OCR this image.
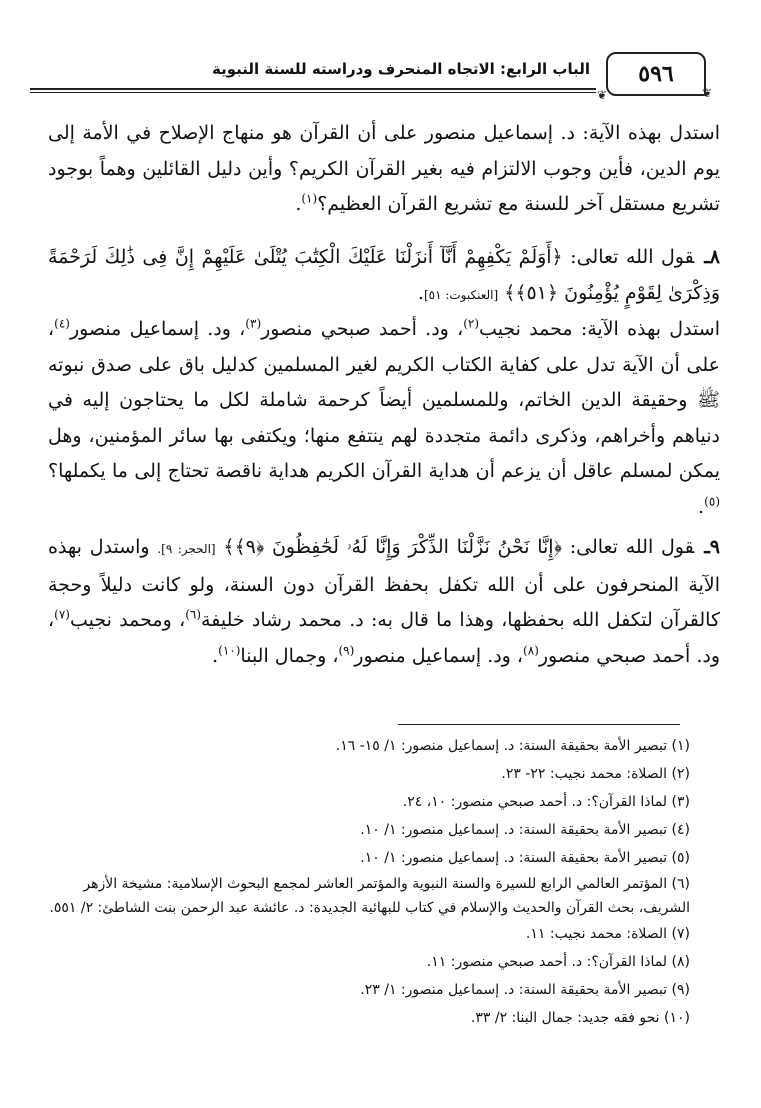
الباب الرابع: الاتجاه المنحرف ودراسته للسنة النبوية
❦
٥٩٦
❦

استدل بهذه الآية: د. إسماعيل منصور على أن القرآن هو منهاج الإصلاح في الأمة إلى يوم الدين، فأين وجوب الالتزام فيه بغير القرآن الكريم؟ وأين دليل القائلين وهماً بوجود تشريع مستقل آخر للسنة مع تشريع القرآن العظيم؟$^{(١)}$.

٨ـقول الله تعالى: ﴿أَوَلَمْ يَكْفِهِمْ أَنَّآ أَنزَلْنَا عَلَيْكَ الْكِتَٰبَ يُتْلَىٰ عَلَيْهِمْ إِنَّ فِى ذَٰلِكَ لَرَحْمَةً وَذِكْرَىٰ لِقَوْمٍ يُؤْمِنُونَ ﴿٥١﴾﴾ [العنكبوت: ٥١].

استدل بهذه الآية: محمد نجيب$^{(٢)}$، ود. أحمد صبحي منصور$^{(٣)}$، ود. إسماعيل منصور$^{(٤)}$، على أن الآية تدل على كفاية الكتاب الكريم لغير المسلمين كدليل باق على صدق نبوته ﷺ وحقيقة الدين الخاتم، وللمسلمين أيضاً كرحمة شاملة لكل ما يحتاجون إليه في دنياهم وأخراهم، وذكرى دائمة متجددة لهم ينتفع منها؛ ويكتفى بها سائر المؤمنين، وهل يمكن لمسلم عاقل أن يزعم أن هداية القرآن الكريم هداية ناقصة تحتاج إلى ما يكملها؟$^{(٥)}$.

٩ـقول الله تعالى: ﴿إِنَّا نَحْنُ نَزَّلْنَا الذِّكْرَ وَإِنَّا لَهُۥ لَحَٰفِظُونَ ﴿٩﴾﴾ [الحجر: ٩]. واستدل بهذه الآية المنحرفون على أن الله تكفل بحفظ القرآن دون السنة، ولو كانت دليلاً وحجة كالقرآن لتكفل الله بحفظها، وهذا ما قال به: د. محمد رشاد خليفة$^{(٦)}$، ومحمد نجيب$^{(٧)}$، ود. أحمد صبحي منصور$^{(٨)}$، ود. إسماعيل منصور$^{(٩)}$، وجمال البنا$^{(١٠)}$.

(١) تبصير الأمة بحقيقة السنة: د. إسماعيل منصور: ١/ ١٥- ١٦.
(٢) الصلاة: محمد نجيب: ٢٢- ٢٣.
(٣) لماذا القرآن؟: د. أحمد صبحي منصور: ١٠، ٢٤.
(٤) تبصير الأمة بحقيقة السنة: د. إسماعيل منصور: ١/ ١٠.
(٥) تبصير الأمة بحقيقة السنة: د. إسماعيل منصور: ١/ ١٠.
(٦) المؤتمر العالمي الرابع للسيرة والسنة النبوية والمؤتمر العاشر لمجمع البحوث الإسلامية: مشيخة الأزهر الشريف، بحث القرآن والحديث والإسلام في كتاب للبهائية الجديدة: د. عائشة عبد الرحمن بنت الشاطئ: ٢/ ٥٥١.
(٧) الصلاة: محمد نجيب: ١١.
(٨) لماذا القرآن؟: د. أحمد صبحي منصور: ١١.
(٩) تبصير الأمة بحقيقة السنة: د. إسماعيل منصور: ١/ ٢٣.
(١٠) نحو فقه جديد: جمال البنا: ٢/ ٣٣.
